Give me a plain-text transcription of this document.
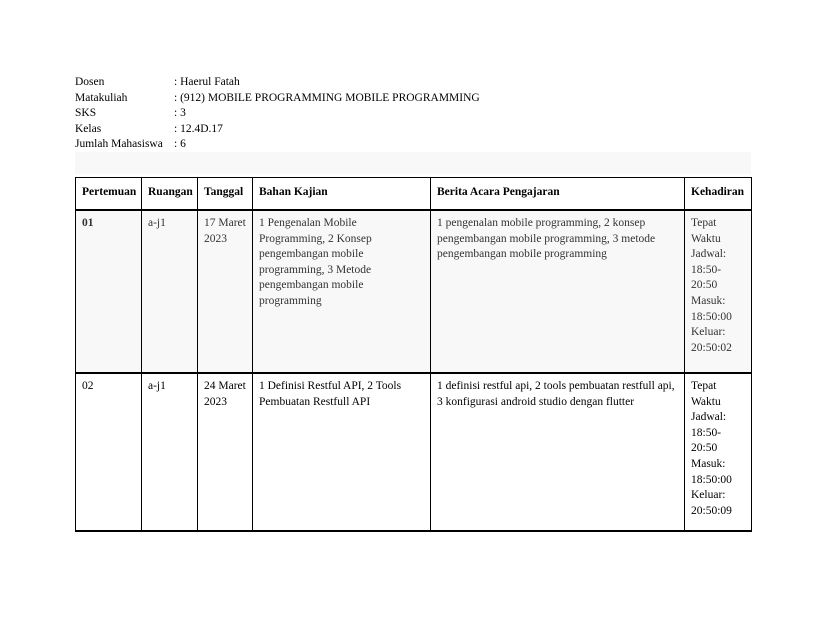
Dosen	: Haerul Fatah
Matakuliah	: (912) MOBILE PROGRAMMING MOBILE PROGRAMMING
SKS	: 3
Kelas	: 12.4D.17
Jumlah Mahasiswa : 6
Pertemuan	Ruangan	Tanggal	Bahan Kajian	Berita Acara Pengajaran	Kehadiran
01	a-j1	17 Maret 2023	1 Pengenalan Mobile Programming, 2 Konsep pengembangan mobile programming, 3 Metode pengembangan mobile programming	1 pengenalan mobile programming, 2 konsep pengembangan mobile programming, 3 metode pengembangan mobile programming	Tepat Waktu Jadwal: 18:50-20:50 Masuk: 18:50:00 Keluar: 20:50:02
02	a-j1	24 Maret 2023	1 Definisi Restful API, 2 Tools Pembuatan Restfull API	1 definisi restful api, 2 tools pembuatan restfull api, 3 konfigurasi android studio dengan flutter	Tepat Waktu Jadwal: 18:50-20:50 Masuk: 18:50:00 Keluar: 20:50:09
